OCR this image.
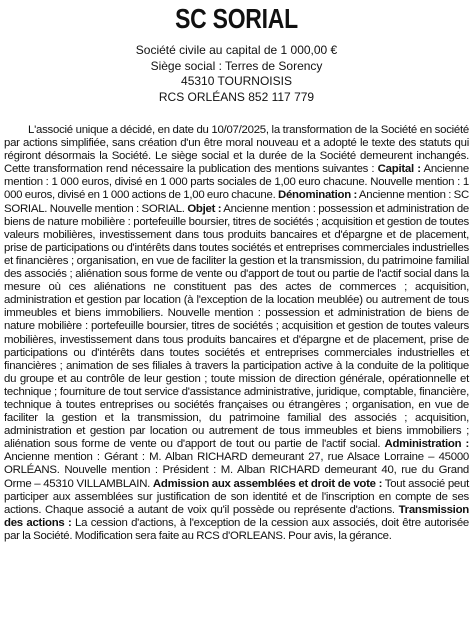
SC SORIAL
Société civile au capital de 1 000,00 €
Siège social : Terres de Sorency
45310 TOURNOISIS
RCS ORLÉANS 852 117 779

L'associé unique a décidé, en date du 10/07/2025, la transformation de la Société en société par actions simplifiée, sans création d'un être moral nouveau et a adopté le texte des statuts qui régiront désormais la Société. Le siège social et la durée de la Société demeurent inchangés. Cette transformation rend nécessaire la publication des mentions suivantes : Capital : Ancienne mention : 1 000 euros, divisé en 1 000 parts sociales de 1,00 euro chacune. Nouvelle mention : 1 000 euros, divisé en 1 000 actions de 1,00 euro chacune. Dénomination : Ancienne mention : SC SORIAL. Nouvelle mention : SORIAL. Objet : Ancienne mention : possession et administration de biens de nature mobilière : portefeuille boursier, titres de sociétés ; acquisition et gestion de toutes valeurs mobilières, investissement dans tous produits bancaires et d'épargne et de placement, prise de participations ou d'intérêts dans toutes sociétés et entreprises commerciales industrielles et financières ; organisation, en vue de faciliter la gestion et la transmission, du patrimoine familial des associés ; aliénation sous forme de vente ou d'apport de tout ou partie de l'actif social dans la mesure où ces aliénations ne constituent pas des actes de commerces ; acquisition, administration et gestion par location (à l'exception de la location meublée) ou autrement de tous immeubles et biens immobiliers. Nouvelle mention : possession et administration de biens de nature mobilière : portefeuille boursier, titres de sociétés ; acquisition et gestion de toutes valeurs mobilières, investissement dans tous produits bancaires et d'épargne et de placement, prise de participations ou d'intérêts dans toutes sociétés et entreprises commerciales industrielles et financières ; animation de ses filiales à travers la participation active à la conduite de la politique du groupe et au contrôle de leur gestion ; toute mission de direction générale, opérationnelle et technique ; fourniture de tout service d'assistance administrative, juridique, comptable, financière, technique à toutes entreprises ou sociétés françaises ou étrangères ; organisation, en vue de faciliter la gestion et la transmission, du patrimoine familial des associés ; acquisition, administration et gestion par location ou autrement de tous immeubles et biens immobiliers ; aliénation sous forme de vente ou d'apport de tout ou partie de l'actif social. Administration : Ancienne mention : Gérant : M. Alban RICHARD demeurant 27, rue Alsace Lorraine – 45000 ORLÉANS. Nouvelle mention : Président : M. Alban RICHARD demeurant 40, rue du Grand Orme – 45310 VILLAMBLAIN. Admission aux assemblées et droit de vote : Tout associé peut participer aux assemblées sur justification de son identité et de l'inscription en compte de ses actions. Chaque associé a autant de voix qu'il possède ou représente d'actions. Transmission des actions : La cession d'actions, à l'exception de la cession aux associés, doit être autorisée par la Société. Modification sera faite au RCS d'ORLEANS. Pour avis, la gérance.
